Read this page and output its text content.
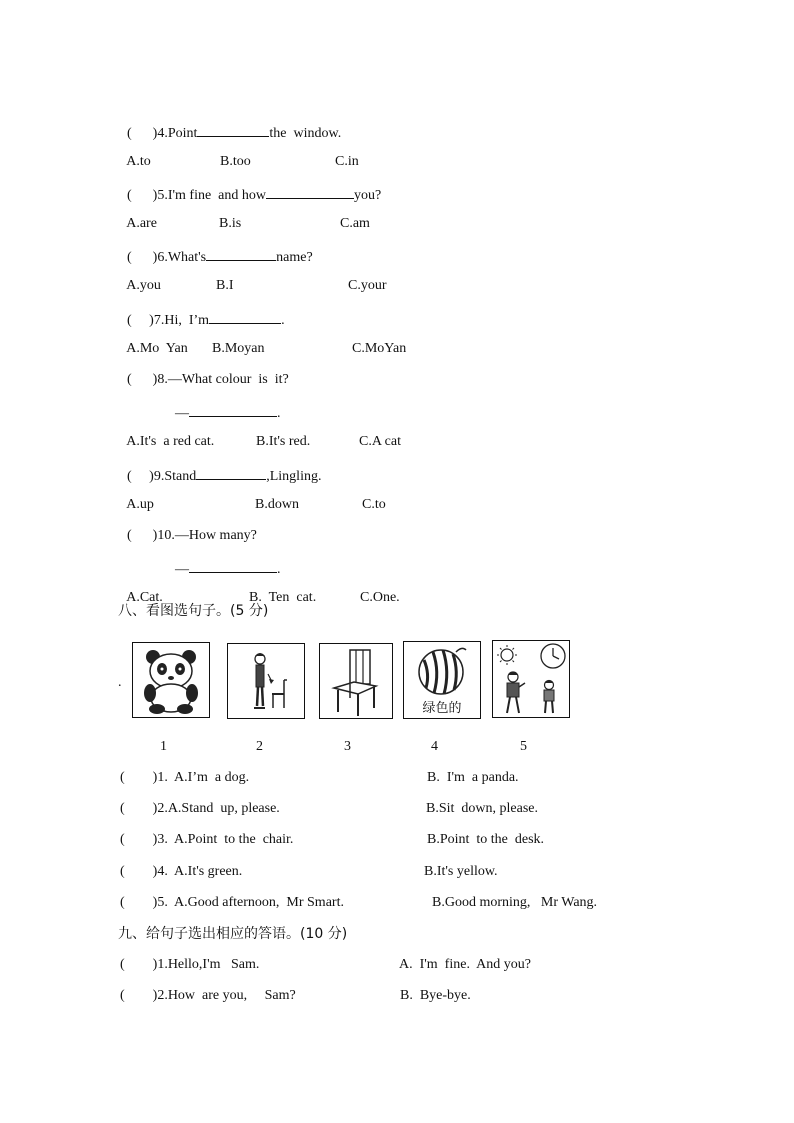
( )4.Point	the  window.

A.to	B.too	C.in

( )5.I'm fine  and how	you?

A.are	B.is	C.am

( )6.What's	name?

A.you	B.I	C.your

( )7.Hi,  I’m	.

A.Mo  Yan B.Moyan	C.MoYan

( )8.—What colour  is  it?

—	.

A.It's  a red cat.	B.It's red.	C.A cat

( )9.Stand	,Lingling.

A.up	B.down	C.to

( )10.—How many?

—	.

A.Cat.	B.  Ten  cat.	C.One.

八、看图选句子。(5 分)
.
绿色的
1	2	3	4	5
(        )1.  A.I’m  a dog.	B.  I'm  a panda.
(        )2.A.Stand  up, please.	B.Sit  down, please.
(        )3.  A.Point  to the  chair.	B.Point  to the  desk.
(        )4.  A.It's green.	B.It's yellow.
(        )5.  A.Good afternoon,  Mr Smart.	B.Good morning,   Mr Wang.
九、给句子选出相应的答语。(10 分)
(        )1.Hello,I'm   Sam.	A.  I'm  fine.  And you?
(        )2.How  are you,     Sam?	B.  Bye-bye.
